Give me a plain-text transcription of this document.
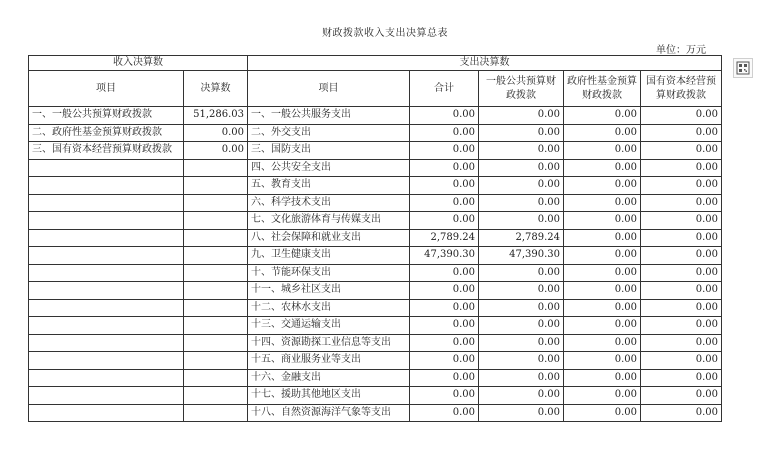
财政拨款收入支出决算总表
单位：万元
收入决算数		支出决算数				
项目	决算数	项目	合计	一般公共预算财政拨款	政府性基金预算财政拨款	国有资本经营预算财政拨款
一、一般公共预算财政拨款	51,286.03	一、一般公共服务支出	0.00	0.00	0.00	0.00
二、政府性基金预算财政拨款	0.00	二、外交支出	0.00	0.00	0.00	0.00
三、国有资本经营预算财政拨款	0.00	三、国防支出	0.00	0.00	0.00	0.00
		四、公共安全支出	0.00	0.00	0.00	0.00
		五、教育支出	0.00	0.00	0.00	0.00
		六、科学技术支出	0.00	0.00	0.00	0.00
		七、文化旅游体育与传媒支出	0.00	0.00	0.00	0.00
		八、社会保障和就业支出	2,789.24	2,789.24	0.00	0.00
		九、卫生健康支出	47,390.30	47,390.30	0.00	0.00
		十、节能环保支出	0.00	0.00	0.00	0.00
		十一、城乡社区支出	0.00	0.00	0.00	0.00
		十二、农林水支出	0.00	0.00	0.00	0.00
		十三、交通运输支出	0.00	0.00	0.00	0.00
		十四、资源勘探工业信息等支出	0.00	0.00	0.00	0.00
		十五、商业服务业等支出	0.00	0.00	0.00	0.00
		十六、金融支出	0.00	0.00	0.00	0.00
		十七、援助其他地区支出	0.00	0.00	0.00	0.00
		十八、自然资源海洋气象等支出	0.00	0.00	0.00	0.00
